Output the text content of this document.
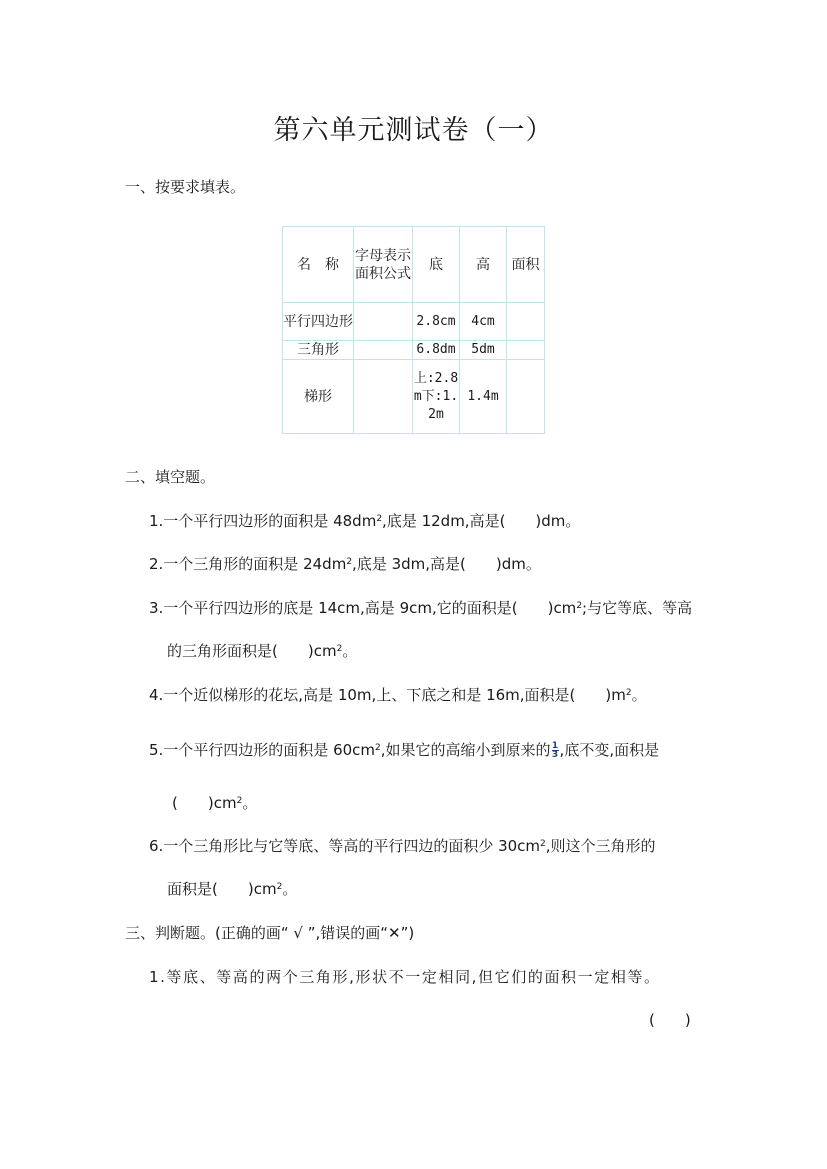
第六单元测试卷（一）
一、按要求填表。
名　称	字母表示面积公式	底	高	面积
平行四边形		2.8cm	4cm	
三角形		6.8dm	5dm	
梯形		上:2.8m下:1.2m	1.4m	
二、填空题。
1.一个平行四边形的面积是 $48dm^2$,底是 12dm,高是(　　)dm。
2.一个三角形的面积是 $24dm^2$,底是 3dm,高是(　　)dm。
3.一个平行四边形的底是 14cm,高是 9cm,它的面积是(　　)$cm^2$;与它等底、等高
的三角形面积是(　　)$cm^2$。
4.一个近似梯形的花坛,高是 10m,上、下底之和是 16m,面积是(　　)$m^2$。
5.一个平行四边形的面积是 $60cm^2$,如果它的高缩小到原来的 $\frac{1}{3}$ ,底不变,面积是
(　　)$cm^2$。
6.一个三角形比与它等底、等高的平行四边的面积少 $30cm^2$,则这个三角形的
面积是(　　)$cm^2$。
三、判断题。(正确的画“ √ ”,错误的画“✕”)
1.等底、等高的两个三角形,形状不一定相同,但它们的面积一定相等。
(　　)
